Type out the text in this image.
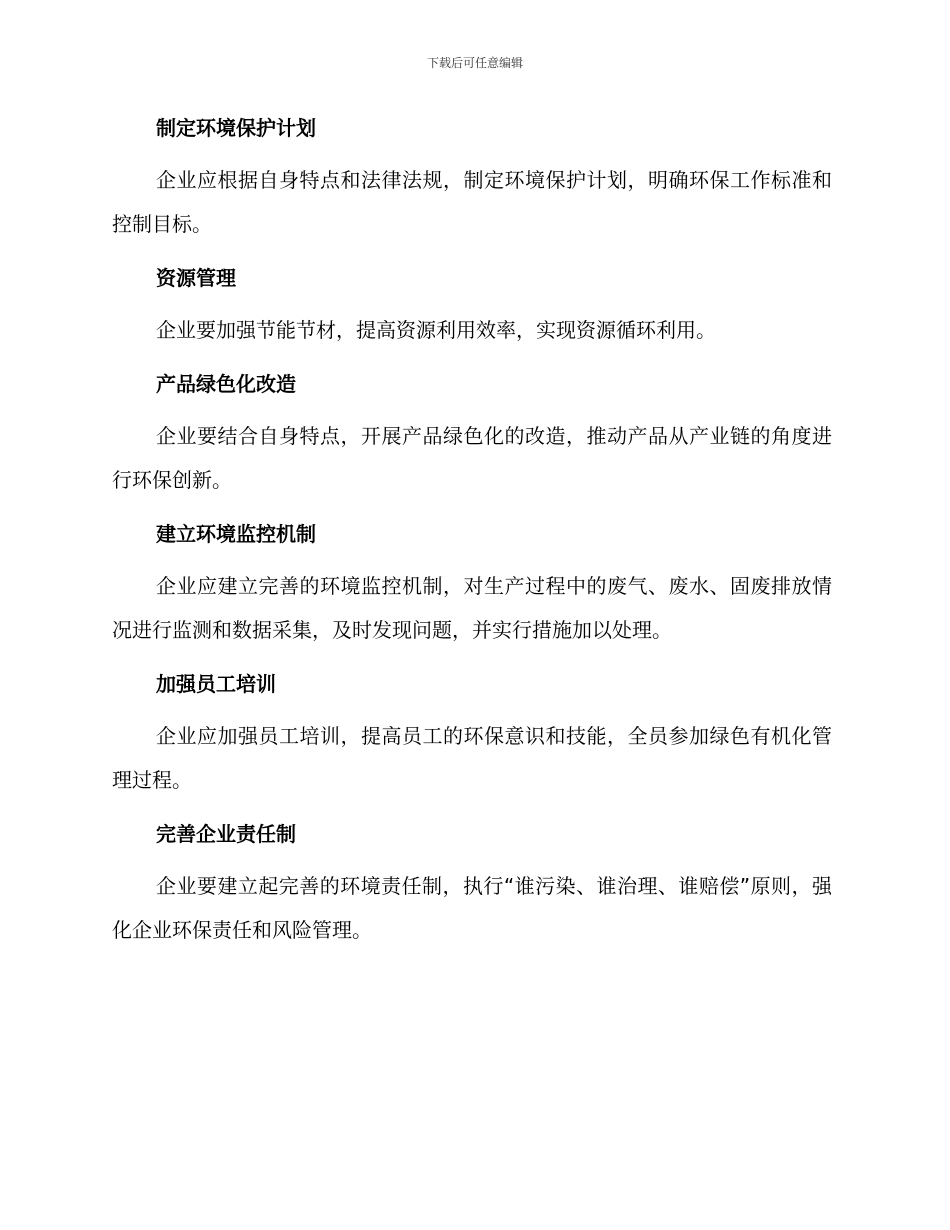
下载后可任意编辑
制定环境保护计划
企业应根据自身特点和法律法规，制定环境保护计划，明确环保工作标准和控制目标。
资源管理
企业要加强节能节材，提高资源利用效率，实现资源循环利用。
产品绿色化改造
企业要结合自身特点，开展产品绿色化的改造，推动产品从产业链的角度进行环保创新。
建立环境监控机制
企业应建立完善的环境监控机制，对生产过程中的废气、废水、固废排放情况进行监测和数据采集，及时发现问题，并实行措施加以处理。
加强员工培训
企业应加强员工培训，提高员工的环保意识和技能，全员参加绿色有机化管理过程。
完善企业责任制
企业要建立起完善的环境责任制，执行“谁污染、谁治理、谁赔偿”原则，强化企业环保责任和风险管理。
